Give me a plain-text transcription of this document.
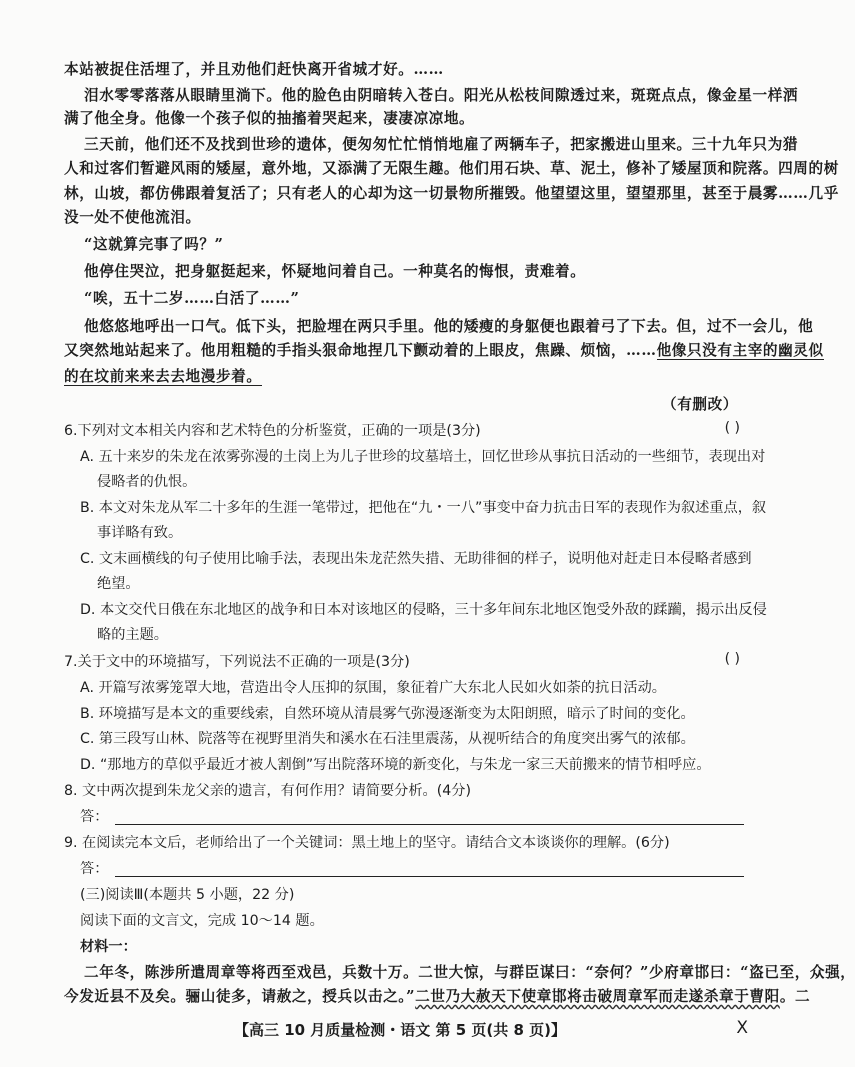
本站被捉住活埋了，并且劝他们赶快离开省城才好。……
泪水零零落落从眼睛里淌下。他的脸色由阴暗转入苍白。阳光从松枝间隙透过来，斑斑点点，像金星一样洒
满了他全身。他像一个孩子似的抽搐着哭起来，凄凄凉凉地。
三天前，他们还不及找到世珍的遗体，便匆匆忙忙悄悄地雇了两辆车子，把家搬进山里来。三十九年只为猎
人和过客们暂避风雨的矮屋，意外地，又添满了无限生趣。他们用石块、草、泥土，修补了矮屋顶和院落。四周的树
林，山坡，都仿佛跟着复活了；只有老人的心却为这一切景物所摧毁。他望望这里，望望那里，甚至于晨雾……几乎
没一处不使他流泪。
“这就算完事了吗？”
他停住哭泣，把身躯挺起来，怀疑地问着自己。一种莫名的悔恨，责难着。
“唉，五十二岁……白活了……”
他悠悠地呼出一口气。低下头，把脸埋在两只手里。他的矮瘦的身躯便也跟着弓了下去。但，过不一会儿，他
又突然地站起来了。他用粗糙的手指头狠命地捏几下颤动着的上眼皮，焦躁、烦恼，……他像只没有主宰的幽灵似
的在坟前来来去去地漫步着。
（有删改）
6.下列对文本相关内容和艺术特色的分析鉴赏，正确的一项是(3分)	( )
A. 五十来岁的朱龙在浓雾弥漫的土岗上为儿子世珍的坟墓培土，回忆世珍从事抗日活动的一些细节，表现出对
侵略者的仇恨。
B. 本文对朱龙从军二十多年的生涯一笔带过，把他在“九・一八”事变中奋力抗击日军的表现作为叙述重点，叙
事详略有致。
C. 文末画横线的句子使用比喻手法，表现出朱龙茫然失措、无助徘徊的样子，说明他对赶走日本侵略者感到
绝望。
D. 本文交代日俄在东北地区的战争和日本对该地区的侵略，三十多年间东北地区饱受外敌的蹂躏，揭示出反侵
略的主题。
7.关于文中的环境描写，下列说法不正确的一项是(3分)	( )
A. 开篇写浓雾笼罩大地，营造出令人压抑的氛围，象征着广大东北人民如火如荼的抗日活动。
B. 环境描写是本文的重要线索，自然环境从清晨雾气弥漫逐渐变为太阳朗照，暗示了时间的变化。
C. 第三段写山林、院落等在视野里消失和溪水在石洼里震荡，从视听结合的角度突出雾气的浓郁。
D. “那地方的草似乎最近才被人割倒”写出院落环境的新变化，与朱龙一家三天前搬来的情节相呼应。
8. 文中两次提到朱龙父亲的遗言，有何作用？请简要分析。(4分)
答：
9. 在阅读完本文后，老师给出了一个关键词：黑土地上的坚守。请结合文本谈谈你的理解。(6分)
答：
(三)阅读Ⅲ(本题共 5 小题，22 分)
阅读下面的文言文，完成 10～14 题。
材料一：
二年冬，陈涉所遣周章等将西至戏邑，兵数十万。二世大惊，与群臣谋曰：“奈何？”少府章邯曰：“盗已至，众强，
今发近县不及矣。骊山徒多，请赦之，授兵以击之。”二世乃大赦天下使章邯将击破周章军而走遂杀章于曹阳。二
【高三 10 月质量检测・语文 第 5 页(共 8 页)】	X
